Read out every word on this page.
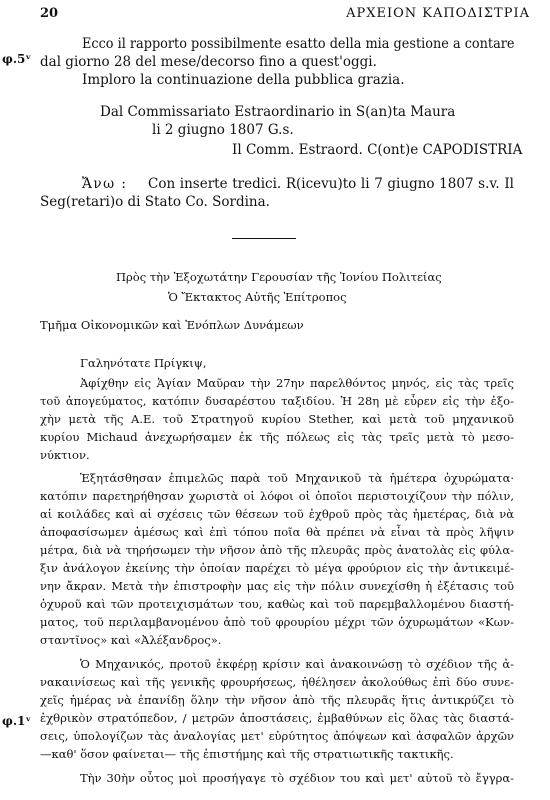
20	ΑΡΧΕΙΟΝ ΚΑΠΟΔΙΣΤΡΙΑ
φ.5ᵛ
Ecco il rapporto possibilmente esatto della mia gestione a contare
dal giorno 28 del mese/decorso fino a quest'oggi.
Imploro la continuazione della pubblica grazia.
Dal Commissariato Estraordinario in S(an)ta Maura
li 2 giugno 1807 G.s.
Il Comm. Estraord. C(ont)e CAPODISTRIA
Ἄνω : Con inserte tredici. R(icevu)to li 7 giugno 1807 s.v. Il
Seg(retari)o di Stato Co. Sordina.
Πρὸς τὴν Ἐξοχωτάτην Γερουσίαν τῆς Ἰονίου Πολιτείας
Ὁ Ἔκτακτος Αὐτῆς Ἐπίτροπος
Τμῆμα Οἰκονομικῶν καὶ Ἐνόπλων Δυνάμεων
Γαληνότατε Πρίγκιψ,
Ἀφίχθην εἰς Ἁγίαν Μαῦραν τὴν 27ην παρελθόντος μηνός, εἰς τὰς τρεῖς
τοῦ ἀπογεύματος, κατόπιν δυσαρέστου ταξιδίου. Ἡ 28η μὲ εὗρεν εἰς τὴν ἐξο-
χὴν μετὰ τῆς Α.Ε. τοῦ Στρατηγοῦ κυρίου Stether, καὶ μετὰ τοῦ μηχανικοῦ
κυρίου Michaud ἀνεχωρήσαμεν ἐκ τῆς πόλεως εἰς τὰς τρεῖς μετὰ τὸ μεσο-
νύκτιον.
Ἐξητάσθησαν ἐπιμελῶς παρὰ τοῦ Μηχανικοῦ τὰ ἡμέτερα ὀχυρώματα·
κατόπιν παρετηρήθησαν χωριστὰ οἱ λόφοι οἱ ὁποῖοι περιστοιχίζουν τὴν πόλιν,
αἱ κοιλάδες καὶ αἱ σχέσεις τῶν θέσεων τοῦ ἐχθροῦ πρὸς τὰς ἡμετέρας, διὰ νὰ
ἀποφασίσωμεν ἀμέσως καὶ ἐπὶ τόπου ποῖα θὰ πρέπει νὰ εἶναι τὰ πρὸς λῆψιν
μέτρα, διὰ νὰ τηρήσωμεν τὴν νῆσον ἀπὸ τῆς πλευρᾶς πρὸς ἀνατολὰς εἰς φύλα-
ξιν ἀνάλογον ἐκείνης τὴν ὁποίαν παρέχει τὸ μέγα φρούριον εἰς τὴν ἀντικειμέ-
νην ἄκραν. Μετὰ τὴν ἐπιστροφὴν μας εἰς τὴν πόλιν συνεχίσθη ἡ ἐξέτασις τοῦ
ὀχυροῦ καὶ τῶν προτειχισμάτων του, καθὼς καὶ τοῦ παρεμβαλλομένου διαστή-
ματος, τοῦ περιλαμβανομένου ἀπὸ τοῦ φρουρίου μέχρι τῶν ὀχυρωμάτων «Κων-
σταντῖνος» καὶ «Ἀλέξανδρος».
Ὁ Μηχανικός, προτοῦ ἐκφέρῃ κρίσιν καὶ ἀνακοινώσῃ τὸ σχέδιον τῆς ἀ-
νακαινίσεως καὶ τῆς γενικῆς φρουρήσεως, ἠθέλησεν ἀκολούθως ἐπὶ δύο συνε-
χεῖς ἡμέρας νὰ ἐπανίδῃ ὅλην τὴν νῆσον ἀπὸ τῆς πλευρᾶς ἥτις ἀντικρύζει τὸ
ἐχθρικὸν στρατόπεδον, / μετρῶν ἀποστάσεις, ἐμβαθύνων εἰς ὅλας τὰς διαστά-
σεις, ὑπολογίζων τὰς ἀναλογίας μετ' εὐρύτητος ἀπόψεων καὶ ἀσφαλῶν ἀρχῶν
—καθ' ὅσον φαίνεται— τῆς ἐπιστήμης καὶ τῆς στρατιωτικῆς τακτικῆς.
φ.1ᵛ
Τὴν 30ὴν οὗτος μοὶ προσήγαγε τὸ σχέδιον του καὶ μετ' αὐτοῦ τὸ ἔγγρα-
